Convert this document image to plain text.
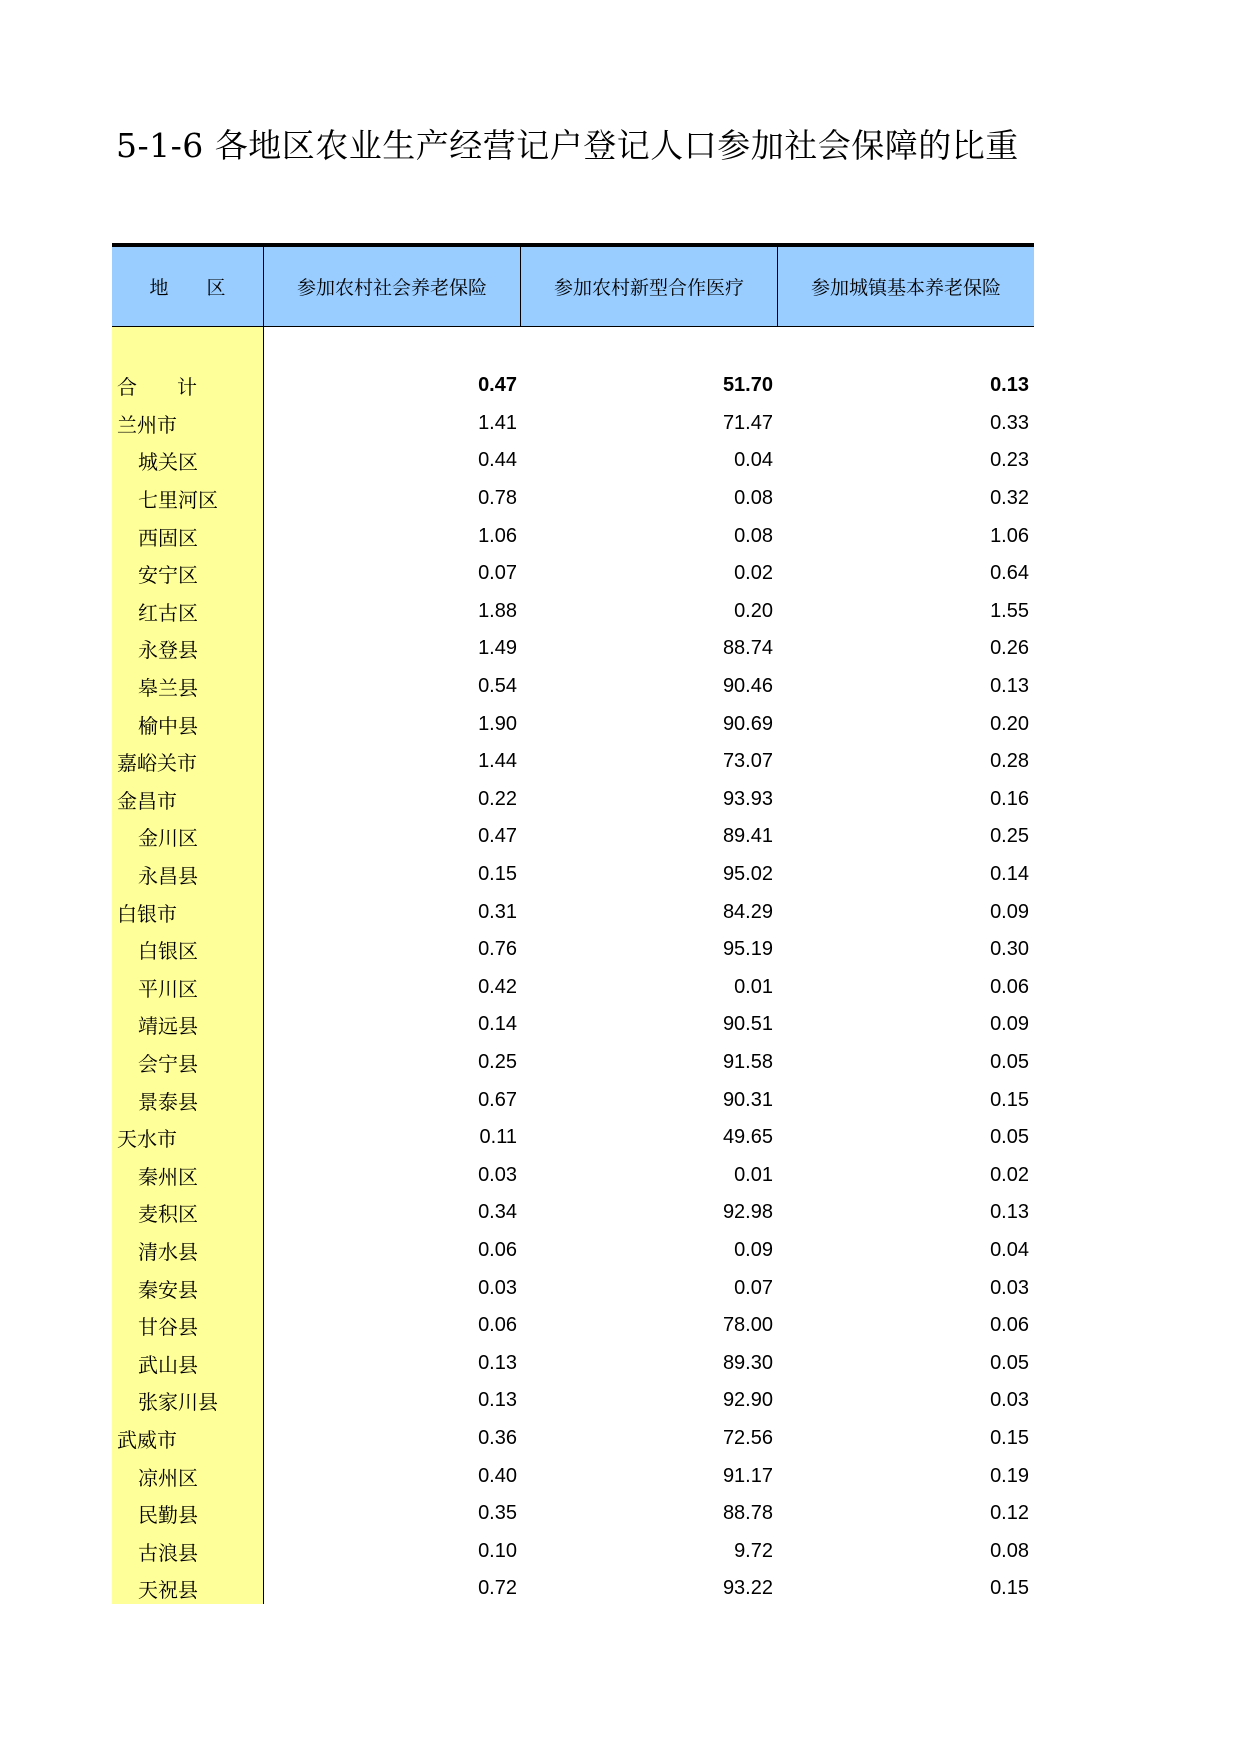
5-1-6 各地区农业生产经营记户登记人口参加社会保障的比重
地　　区	参加农村社会养老保险	参加农村新型合作医疗	参加城镇基本养老保险
合　　计	0.47	51.70	0.13
兰州市	1.41	71.47	0.33
城关区	0.44	0.04	0.23
七里河区	0.78	0.08	0.32
西固区	1.06	0.08	1.06
安宁区	0.07	0.02	0.64
红古区	1.88	0.20	1.55
永登县	1.49	88.74	0.26
皋兰县	0.54	90.46	0.13
榆中县	1.90	90.69	0.20
嘉峪关市	1.44	73.07	0.28
金昌市	0.22	93.93	0.16
金川区	0.47	89.41	0.25
永昌县	0.15	95.02	0.14
白银市	0.31	84.29	0.09
白银区	0.76	95.19	0.30
平川区	0.42	0.01	0.06
靖远县	0.14	90.51	0.09
会宁县	0.25	91.58	0.05
景泰县	0.67	90.31	0.15
天水市	0.11	49.65	0.05
秦州区	0.03	0.01	0.02
麦积区	0.34	92.98	0.13
清水县	0.06	0.09	0.04
秦安县	0.03	0.07	0.03
甘谷县	0.06	78.00	0.06
武山县	0.13	89.30	0.05
张家川县	0.13	92.90	0.03
武威市	0.36	72.56	0.15
凉州区	0.40	91.17	0.19
民勤县	0.35	88.78	0.12
古浪县	0.10	9.72	0.08
天祝县	0.72	93.22	0.15
